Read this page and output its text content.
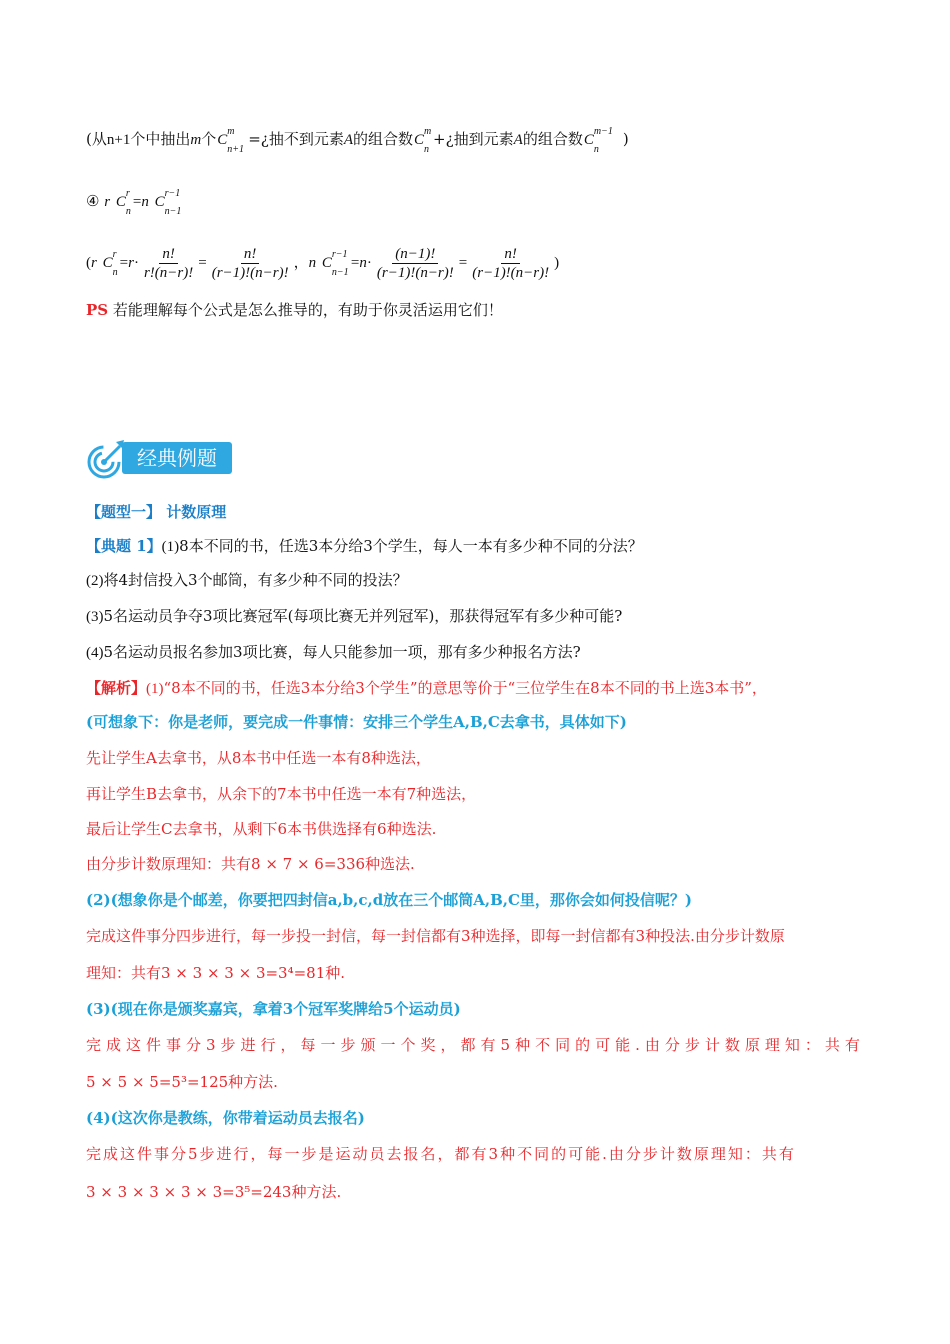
(从n+1个中抽出m个C
m
n+1
=¿抽不到元素A的组合数C
m
n
+¿抽到元素A的组合数C
m−1
n
)
④ r C
r
n
=n C
r−1
n−1
(r C
r
n
$=r\cdot \frac{n!}{r!(n-r)!} = \frac{n!}{(r-1)!(n-r)!}$ ，n C
r−1
n−1
$=n\cdot \frac{(n-1)!}{(r-1)!(n-r)!} = \frac{n!}{(r-1)!(n-r)!}$ )
PS 若能理解每个公式是怎么推导的，有助于你灵活运用它们！
经典例题
【题型一】 计数原理
【典题 1】(1)8本不同的书，任选3本分给3个学生，每人一本有多少种不同的分法？
(2)将4封信投入3个邮筒，有多少种不同的投法？
(3)5名运动员争夺3项比赛冠军(每项比赛无并列冠军)，那获得冠军有多少种可能?
(4)5名运动员报名参加3项比赛，每人只能参加一项，那有多少种报名方法?
【解析】(1)“8本不同的书，任选3本分给3个学生”的意思等价于“三位学生在8本不同的书上选3本书”，
(可想象下：你是老师，要完成一件事情：安排三个学生A,B,C去拿书，具体如下)
先让学生A去拿书，从8本书中任选一本有8种选法，
再让学生B去拿书，从余下的7本书中任选一本有7种选法，
最后让学生C去拿书，从剩下6本书供选择有6种选法.
由分步计数原理知：共有8 × 7 × 6=336种选法.
(2)(想象你是个邮差，你要把四封信a,b,c,d放在三个邮筒A,B,C里，那你会如何投信呢？)
完成这件事分四步进行，每一步投一封信，每一封信都有3种选择，即每一封信都有3种投法.由分步计数原
理知：共有3 × 3 × 3 × 3=3⁴=81种.
(3)(现在你是颁奖嘉宾，拿着3个冠军奖牌给5个运动员)
完成这件事分3步进行，每一步颁一个奖，都有5种不同的可能.由分步计数原理知：共有
5 × 5 × 5=5³=125种方法.
(4)(这次你是教练，你带着运动员去报名)
完成这件事分5步进行，每一步是运动员去报名，都有3种不同的可能.由分步计数原理知：共有
3 × 3 × 3 × 3 × 3=3⁵=243种方法.
